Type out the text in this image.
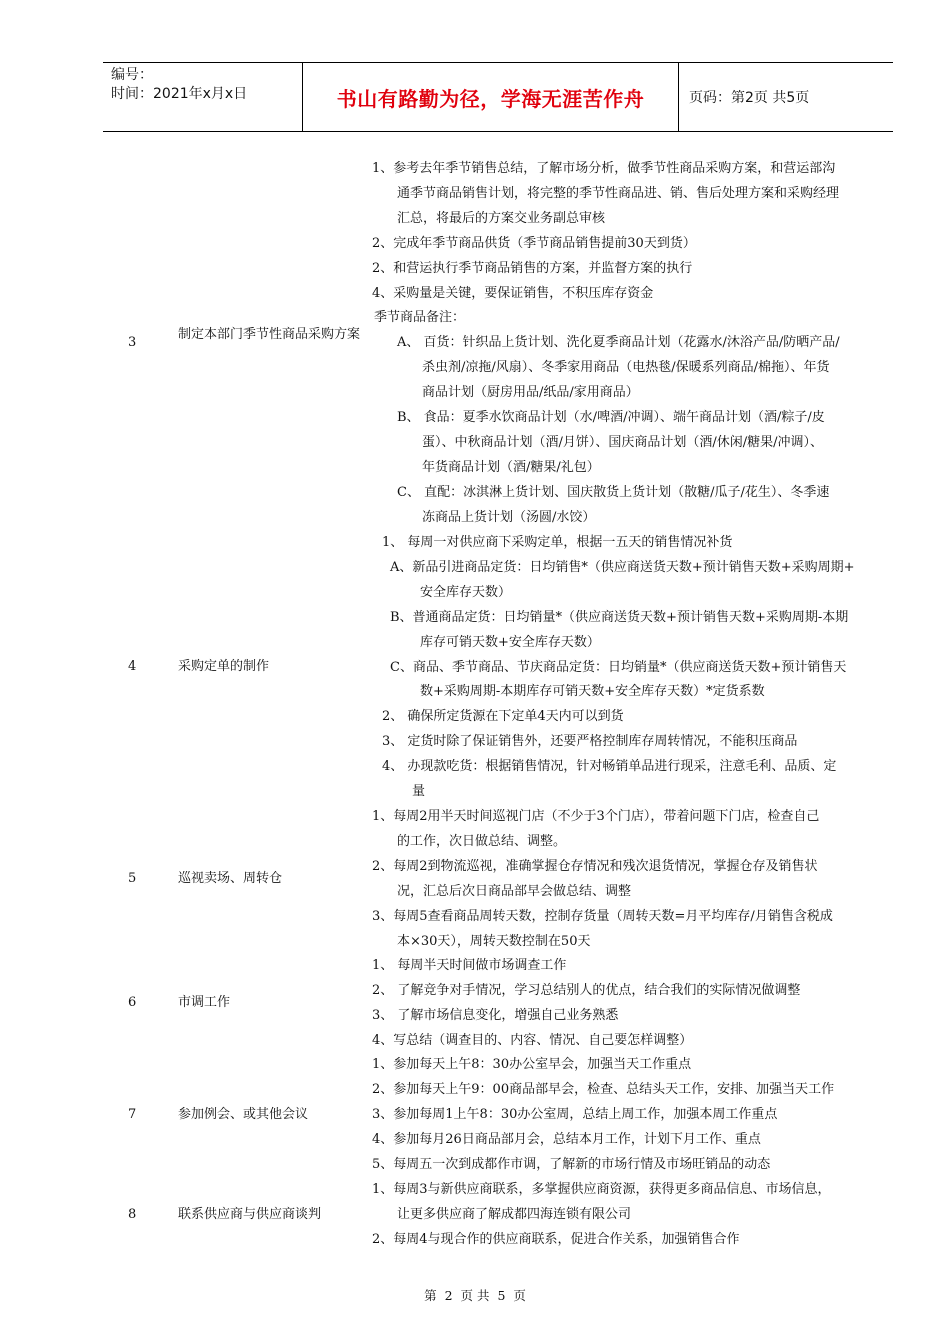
编号：
时间：2021年x月x日	书山有路勤为径，学海无涯苦作舟	页码：第2页 共5页
3
制定本部门季节性商品采购方案
1、参考去年季节销售总结，了解市场分析，做季节性商品采购方案，和营运部沟
通季节商品销售计划，将完整的季节性商品进、销、售后处理方案和采购经理
汇总，将最后的方案交业务副总审核
2、完成年季节商品供货（季节商品销售提前30天到货）
2、和营运执行季节商品销售的方案，并监督方案的执行
4、采购量是关键，要保证销售，不积压库存资金
季节商品备注：
A、 百货：针织品上货计划、洗化夏季商品计划（花露水/沐浴产品/防晒产品/
杀虫剂/凉拖/风扇）、冬季家用商品（电热毯/保暖系列商品/棉拖）、年货
商品计划（厨房用品/纸品/家用商品）
B、 食品：夏季水饮商品计划（水/啤酒/冲调）、端午商品计划（酒/粽子/皮
蛋）、中秋商品计划（酒/月饼）、国庆商品计划（酒/休闲/糖果/冲调）、
年货商品计划（酒/糖果/礼包）
C、 直配：冰淇淋上货计划、国庆散货上货计划（散糖/瓜子/花生）、冬季速
冻商品上货计划（汤圆/水饺）
4	采购定单的制作
1、 每周一对供应商下采购定单，根据一五天的销售情况补货
A、新品引进商品定货：日均销售*（供应商送货天数+预计销售天数+采购周期+
安全库存天数）
B、普通商品定货：日均销量*（供应商送货天数+预计销售天数+采购周期-本期
库存可销天数+安全库存天数）
C、商品、季节商品、节庆商品定货：日均销量*（供应商送货天数+预计销售天
数+采购周期-本期库存可销天数+安全库存天数）*定货系数
2、 确保所定货源在下定单4天内可以到货
3、 定货时除了保证销售外，还要严格控制库存周转情况，不能积压商品
4、 办现款吃货：根据销售情况，针对畅销单品进行现采，注意毛利、品质、定
量
5	巡视卖场、周转仓
1、每周2用半天时间巡视门店（不少于3个门店），带着问题下门店，检查自己
的工作，次日做总结、调整。
2、每周2到物流巡视，准确掌握仓存情况和残次退货情况，掌握仓存及销售状
况，汇总后次日商品部早会做总结、调整
3、每周5查看商品周转天数，控制存货量（周转天数=月平均库存/月销售含税成
本×30天），周转天数控制在50天
6	市调工作
1、 每周半天时间做市场调查工作
2、 了解竞争对手情况，学习总结别人的优点，结合我们的实际情况做调整
3、 了解市场信息变化，增强自己业务熟悉
4、写总结（调查目的、内容、情况、自己要怎样调整）
7	参加例会、或其他会议
1、参加每天上午8：30办公室早会，加强当天工作重点
2、参加每天上午9：00商品部早会，检查、总结头天工作，安排、加强当天工作
3、参加每周1上午8：30办公室周，总结上周工作，加强本周工作重点
4、参加每月26日商品部月会，总结本月工作，计划下月工作、重点
5、每周五一次到成都作市调，了解新的市场行情及市场旺销品的动态
8	联系供应商与供应商谈判
1、每周3与新供应商联系，多掌握供应商资源，获得更多商品信息、市场信息，
让更多供应商了解成都四海连锁有限公司
2、每周4与现合作的供应商联系，促进合作关系，加强销售合作
第 2 页 共 5 页
